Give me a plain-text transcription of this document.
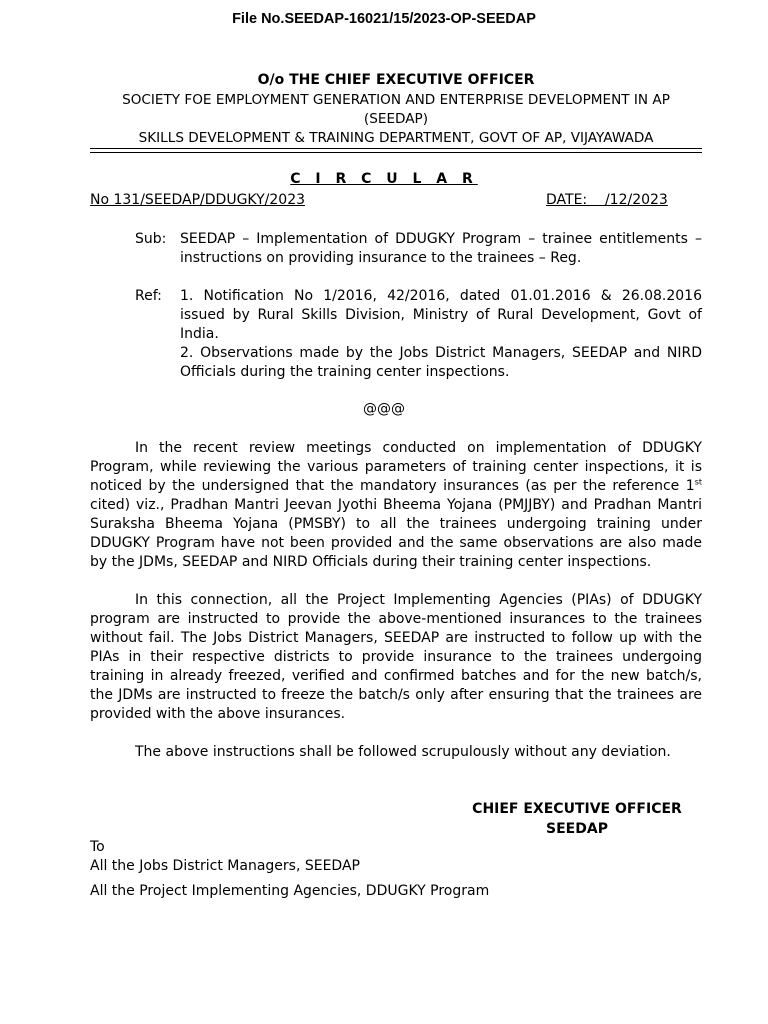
File No.SEEDAP-16021/15/2023-OP-SEEDAP
O/o THE CHIEF EXECUTIVE OFFICER
SOCIETY FOE EMPLOYMENT GENERATION AND ENTERPRISE DEVELOPMENT IN AP
(SEEDAP)
SKILLS DEVELOPMENT & TRAINING DEPARTMENT, GOVT OF AP, VIJAYAWADA
C I R C U L A R
No 131/SEEDAP/DDUGKY/2023	DATE:    /12/2023
Sub: SEEDAP – Implementation of DDUGKY Program – trainee entitlements – instructions on providing insurance to the trainees – Reg.
Ref: 1. Notification No 1/2016, 42/2016, dated 01.01.2016 & 26.08.2016 issued by Rural Skills Division, Ministry of Rural Development, Govt of India.
2. Observations made by the Jobs District Managers, SEEDAP and NIRD Officials during the training center inspections.
@@@
In the recent review meetings conducted on implementation of DDUGKY Program, while reviewing the various parameters of training center inspections, it is noticed by the undersigned that the mandatory insurances (as per the reference 1st cited) viz., Pradhan Mantri Jeevan Jyothi Bheema Yojana (PMJJBY) and Pradhan Mantri Suraksha Bheema Yojana (PMSBY) to all the trainees undergoing training under DDUGKY Program have not been provided and the same observations are also made by the JDMs, SEEDAP and NIRD Officials during their training center inspections.
In this connection, all the Project Implementing Agencies (PIAs) of DDUGKY program are instructed to provide the above-mentioned insurances to the trainees without fail. The Jobs District Managers, SEEDAP are instructed to follow up with the PIAs in their respective districts to provide insurance to the trainees undergoing training in already freezed, verified and confirmed batches and for the new batch/s, the JDMs are instructed to freeze the batch/s only after ensuring that the trainees are provided with the above insurances.
The above instructions shall be followed scrupulously without any deviation.
CHIEF EXECUTIVE OFFICER
SEEDAP
To
All the Jobs District Managers, SEEDAP
All the Project Implementing Agencies, DDUGKY Program
